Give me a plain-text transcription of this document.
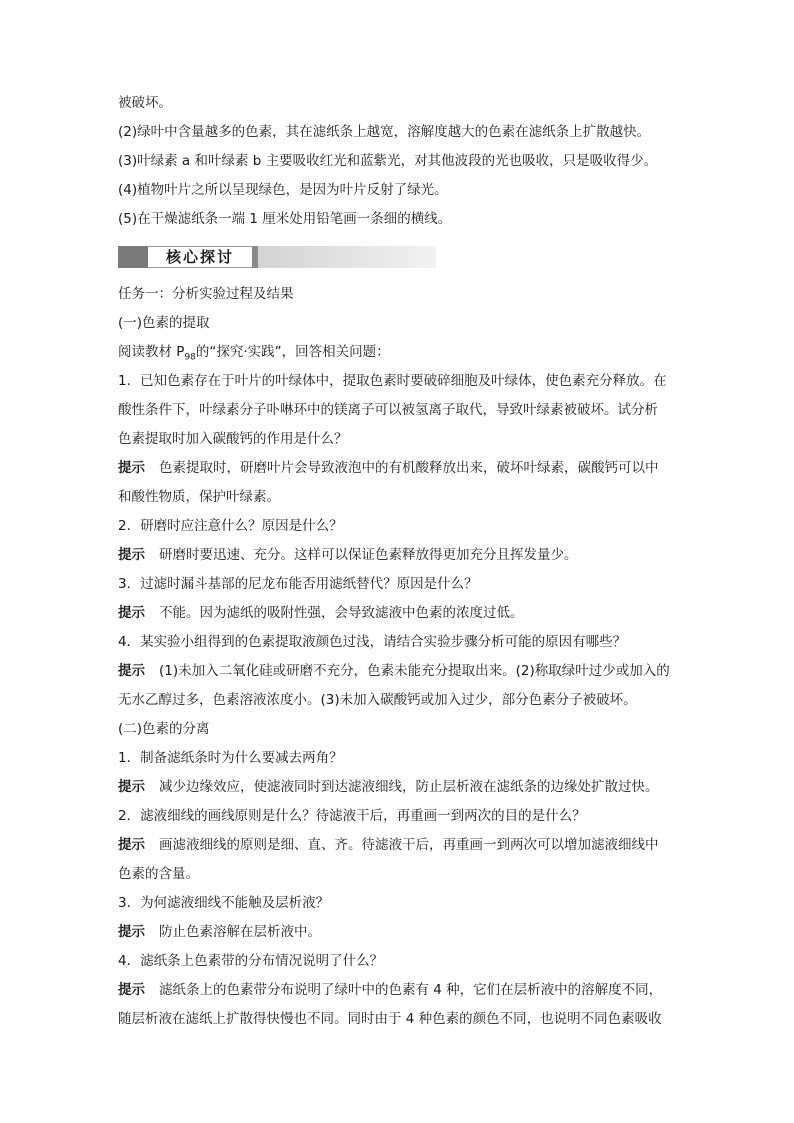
被破坏。
(2)绿叶中含量越多的色素，其在滤纸条上越宽，溶解度越大的色素在滤纸条上扩散越快。
(3)叶绿素 a 和叶绿素 b 主要吸收红光和蓝紫光，对其他波段的光也吸收，只是吸收得少。
(4)植物叶片之所以呈现绿色，是因为叶片反射了绿光。
(5)在干燥滤纸条一端 1 厘米处用铅笔画一条细的横线。
核心探讨
任务一：分析实验过程及结果
(一)色素的提取
阅读教材 $P_{98}$的“探究·实践”，回答相关问题：
1．已知色素存在于叶片的叶绿体中，提取色素时要破碎细胞及叶绿体，使色素充分释放。在
酸性条件下，叶绿素分子卟啉环中的镁离子可以被氢离子取代，导致叶绿素被破坏。试分析
色素提取时加入碳酸钙的作用是什么？
提示 色素提取时，研磨叶片会导致液泡中的有机酸释放出来，破坏叶绿素，碳酸钙可以中
和酸性物质，保护叶绿素。
2．研磨时应注意什么？原因是什么？
提示 研磨时要迅速、充分。这样可以保证色素释放得更加充分且挥发量少。
3．过滤时漏斗基部的尼龙布能否用滤纸替代？原因是什么？
提示 不能。因为滤纸的吸附性强，会导致滤液中色素的浓度过低。
4．某实验小组得到的色素提取液颜色过浅，请结合实验步骤分析可能的原因有哪些？
提示 (1)未加入二氧化硅或研磨不充分，色素未能充分提取出来。(2)称取绿叶过少或加入的
无水乙醇过多，色素溶液浓度小。(3)未加入碳酸钙或加入过少，部分色素分子被破坏。
(二)色素的分离
1．制备滤纸条时为什么要减去两角？
提示 减少边缘效应，使滤液同时到达滤液细线，防止层析液在滤纸条的边缘处扩散过快。
2．滤液细线的画线原则是什么？待滤液干后，再重画一到两次的目的是什么？
提示 画滤液细线的原则是细、直、齐。待滤液干后，再重画一到两次可以增加滤液细线中
色素的含量。
3．为何滤液细线不能触及层析液？
提示 防止色素溶解在层析液中。
4．滤纸条上色素带的分布情况说明了什么？
提示 滤纸条上的色素带分布说明了绿叶中的色素有 4 种，它们在层析液中的溶解度不同，
随层析液在滤纸上扩散得快慢也不同。同时由于 4 种色素的颜色不同，也说明不同色素吸收
